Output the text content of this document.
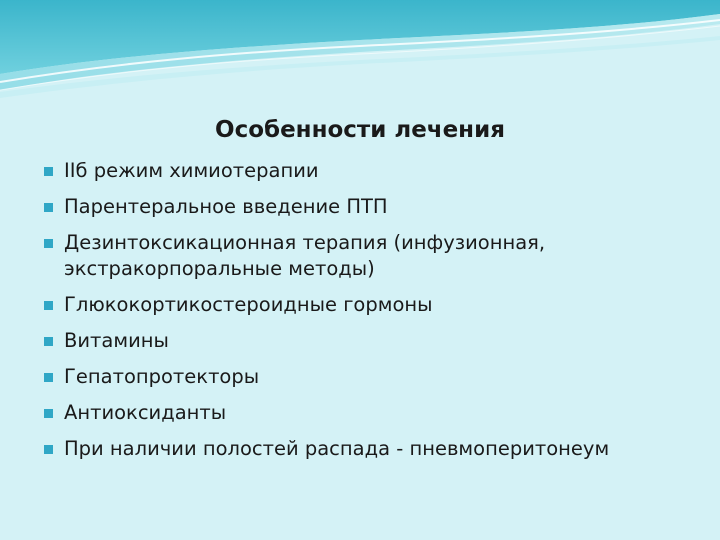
Особенности лечения
IIб режим химиотерапии
Парентеральное введение ПТП
Дезинтоксикационная терапия (инфузионная, экстракорпоральные методы)
Глюкокортикостероидные гормоны
Витамины
Гепатопротекторы
Антиоксиданты
При наличии полостей распада - пневмоперитонеум
